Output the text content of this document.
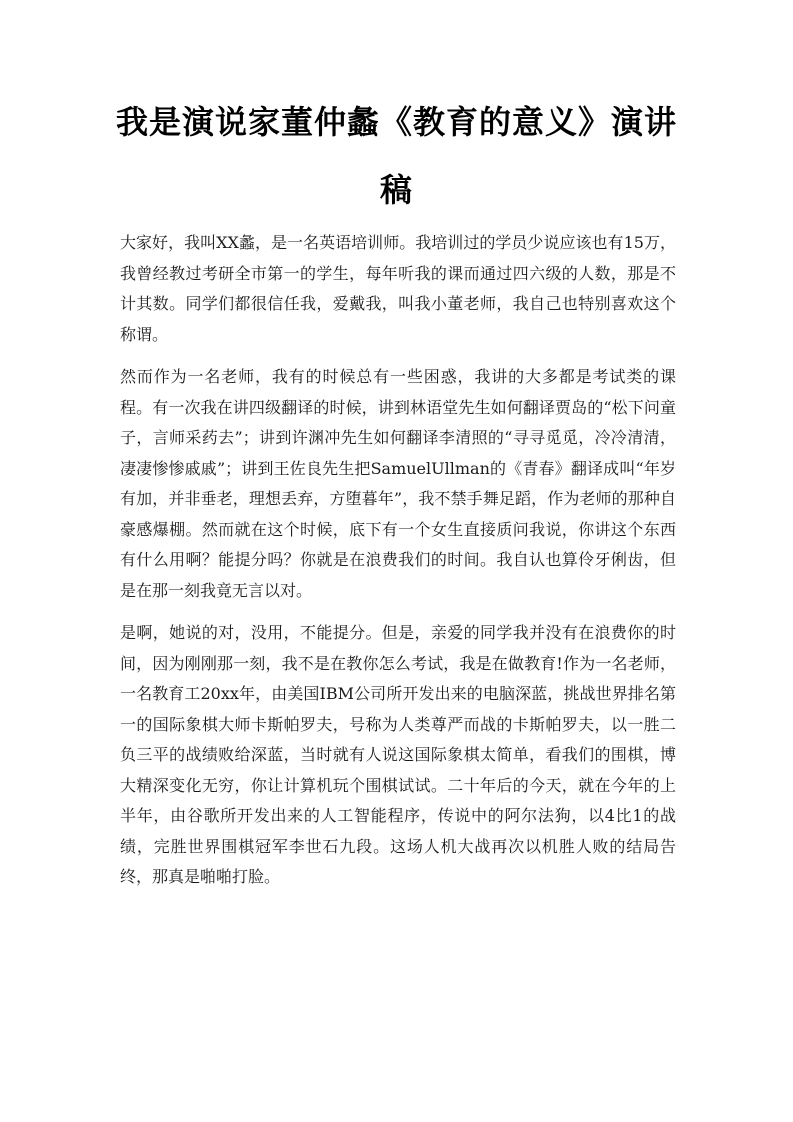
我是演说家董仲蠡《教育的意义》演讲稿

大家好，我叫XX蠡，是一名英语培训师。我培训过的学员少说应该也有15万，我曾经教过考研全市第一的学生，每年听我的课而通过四六级的人数，那是不计其数。同学们都很信任我，爱戴我，叫我小董老师，我自己也特别喜欢这个称谓。

然而作为一名老师，我有的时候总有一些困惑，我讲的大多都是考试类的课程。有一次我在讲四级翻译的时候，讲到林语堂先生如何翻译贾岛的“松下问童子，言师采药去”；讲到许渊冲先生如何翻译李清照的“寻寻觅觅，冷冷清清，凄凄惨惨戚戚”；讲到王佐良先生把SamuelUllman的《青春》翻译成叫“年岁有加，并非垂老，理想丢弃，方堕暮年”，我不禁手舞足蹈，作为老师的那种自豪感爆棚。然而就在这个时候，底下有一个女生直接质问我说，你讲这个东西有什么用啊？能提分吗？你就是在浪费我们的时间。我自认也算伶牙俐齿，但是在那一刻我竟无言以对。

是啊，她说的对，没用，不能提分。但是，亲爱的同学我并没有在浪费你的时间，因为刚刚那一刻，我不是在教你怎么考试，我是在做教育!作为一名老师，一名教育工20xx年，由美国IBM公司所开发出来的电脑深蓝，挑战世界排名第一的国际象棋大师卡斯帕罗夫，号称为人类尊严而战的卡斯帕罗夫，以一胜二负三平的战绩败给深蓝，当时就有人说这国际象棋太简单，看我们的围棋，博大精深变化无穷，你让计算机玩个围棋试试。二十年后的今天，就在今年的上半年，由谷歌所开发出来的人工智能程序，传说中的阿尔法狗，以4比1的战绩，完胜世界围棋冠军李世石九段。这场人机大战再次以机胜人败的结局告终，那真是啪啪打脸。
